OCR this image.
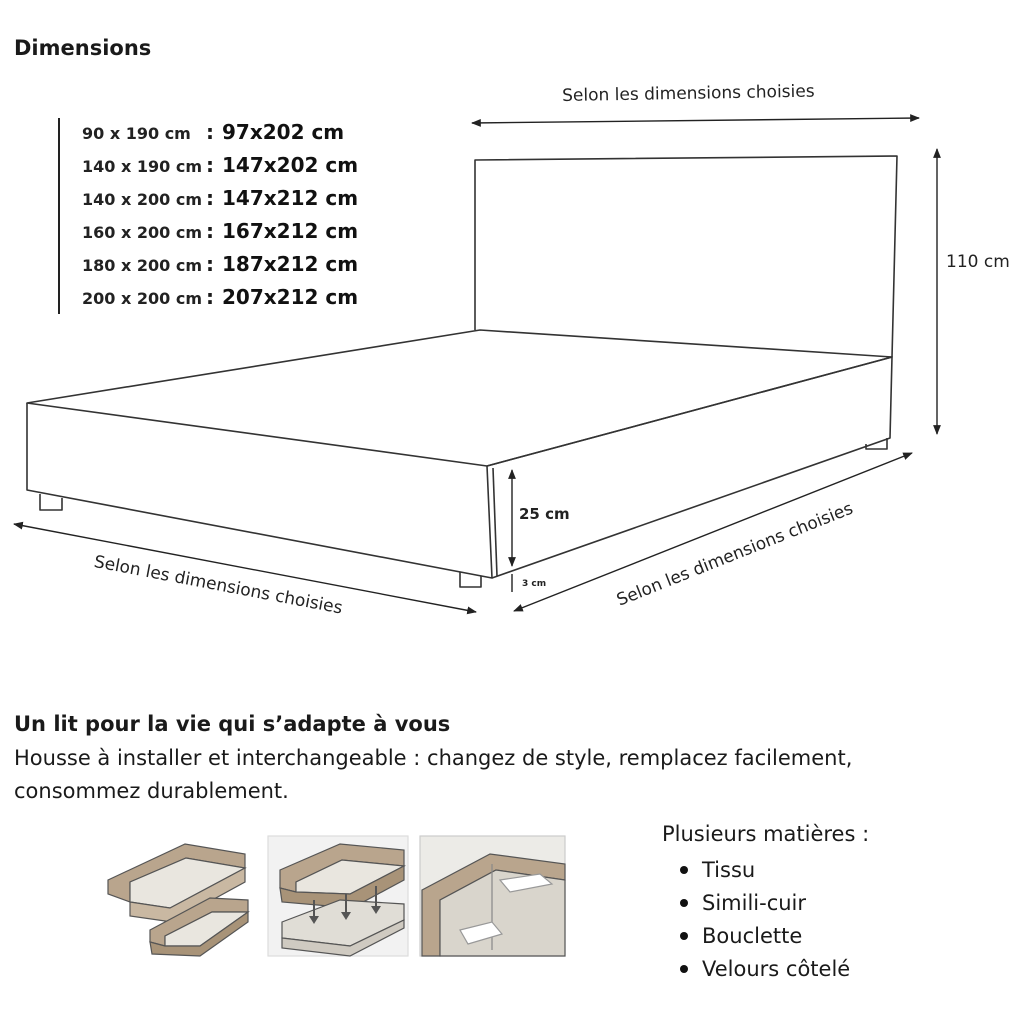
Dimensions
90 x 190 cm : 97x202 cm
140 x 190 cm : 147x202 cm
140 x 200 cm : 147x212 cm
160 x 200 cm : 167x212 cm
180 x 200 cm : 187x212 cm
200 x 200 cm : 207x212 cm
Selon les dimensions choisies
110 cm
Selon les dimensions choisies	Selon les dimensions choisies
25 cm
3 cm
Un lit pour la vie qui s’adapte à vous
Housse à installer et interchangeable : changez de style, remplacez facilement, consommez durablement.
Plusieurs matières :
Tissu
Simili-cuir
Bouclette
Velours côtelé
